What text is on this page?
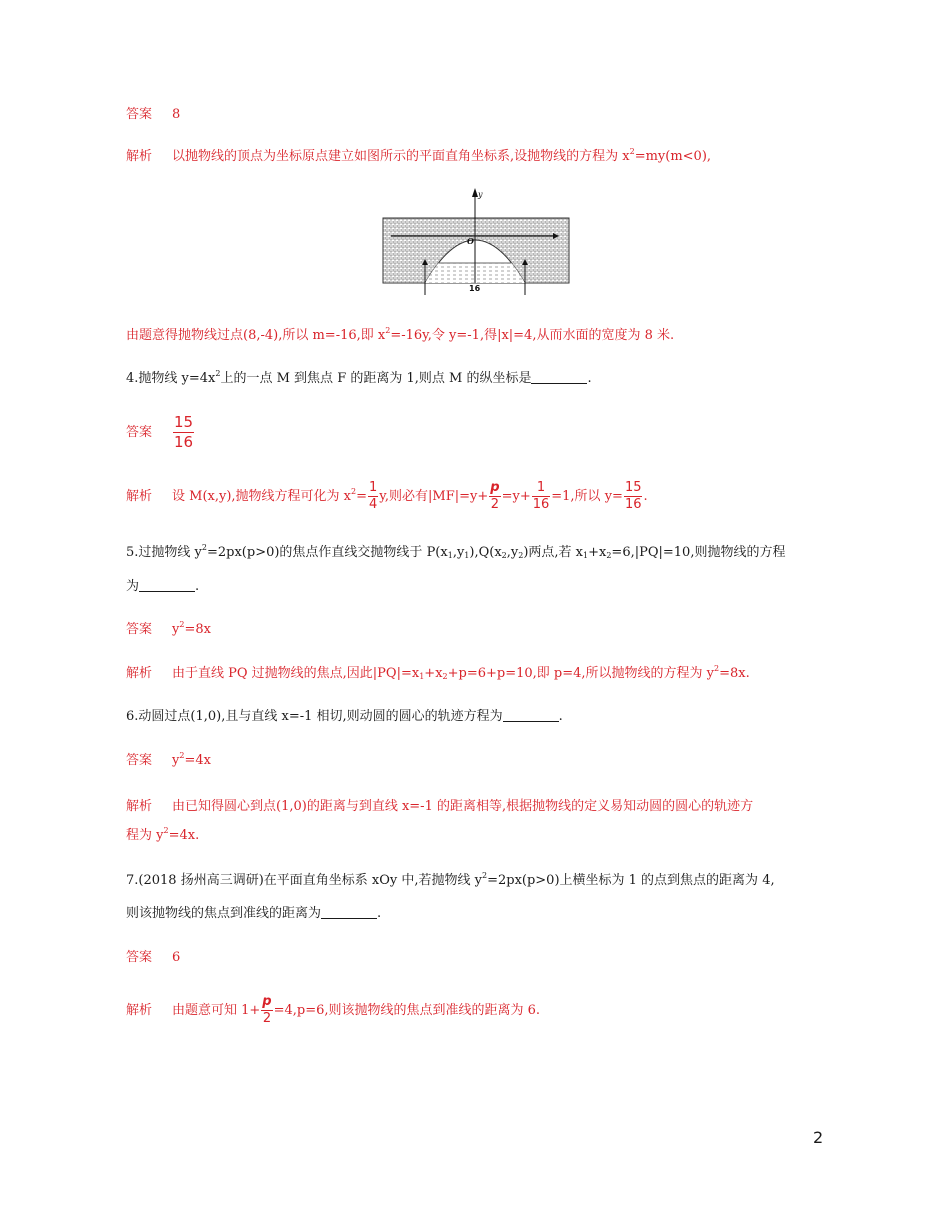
答案 8
解析 以抛物线的顶点为坐标原点建立如图所示的平面直角坐标系,设抛物线的方程为 $x^2=my(m<0)$,
y
O
16
由题意得抛物线过点(8,-4),所以 m=-16,即 $x^2=-16y$,令 y=-1,得|x|=4,从而水面的宽度为 8 米.
4.抛物线 $y=4x^2$上的一点 M 到焦点 F 的距离为 1,则点 M 的纵坐标是	.
答案 $\frac{15}{16}$
解析 设 M(x,y),抛物线方程可化为 $x^2= \frac{1}{4} y$,则必有$|MF|=y+ \frac{p}{2} =y+ \frac{1}{16} =1$,所以 $y= \frac{15}{16}$ .
5.过抛物线 $y^2=2px(p>0)$的焦点作直线交抛物线于 $P(x_1,y_1),Q(x_2,y_2)$两点,若 $x_1+x_2=6,|PQ|=10$,则抛物线的方程
为	.
答案 $y^2=8x$
解析 由于直线 PQ 过抛物线的焦点,因此$|PQ|=x_1+x_2+p=6+p=10$,即 p=4,所以抛物线的方程为 $y^2=8x$.
6.动圆过点(1,0),且与直线 x=-1 相切,则动圆的圆心的轨迹方程为	.
答案 $y^2=4x$
解析 由已知得圆心到点(1,0)的距离与到直线 x=-1 的距离相等,根据抛物线的定义易知动圆的圆心的轨迹方
程为 $y^2=4x$.
7.(2018 扬州高三调研)在平面直角坐标系 xOy 中,若抛物线 $y^2=2px(p>0)$上横坐标为 1 的点到焦点的距离为 4,
则该抛物线的焦点到准线的距离为	.
答案 6
解析 由题意可知 $1+ \frac{p}{2} =4,p=6$,则该抛物线的焦点到准线的距离为 6.
2
